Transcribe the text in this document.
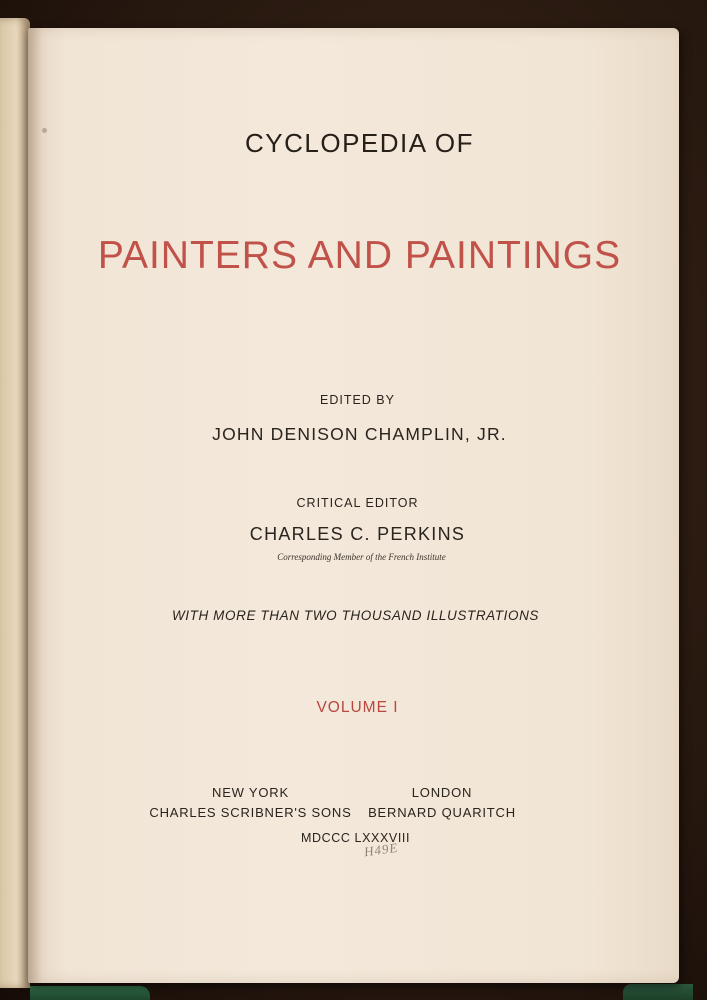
CYCLOPEDIA OF
PAINTERS AND PAINTINGS
EDITED BY
JOHN DENISON CHAMPLIN, JR.
CRITICAL EDITOR
CHARLES C. PERKINS
Corresponding Member of the French Institute
WITH MORE THAN TWO THOUSAND ILLUSTRATIONS
VOLUME I
NEW YORK
CHARLES SCRIBNER'S SONS
LONDON
BERNARD QUARITCH
MDCCC LXXXVIII
H49E
